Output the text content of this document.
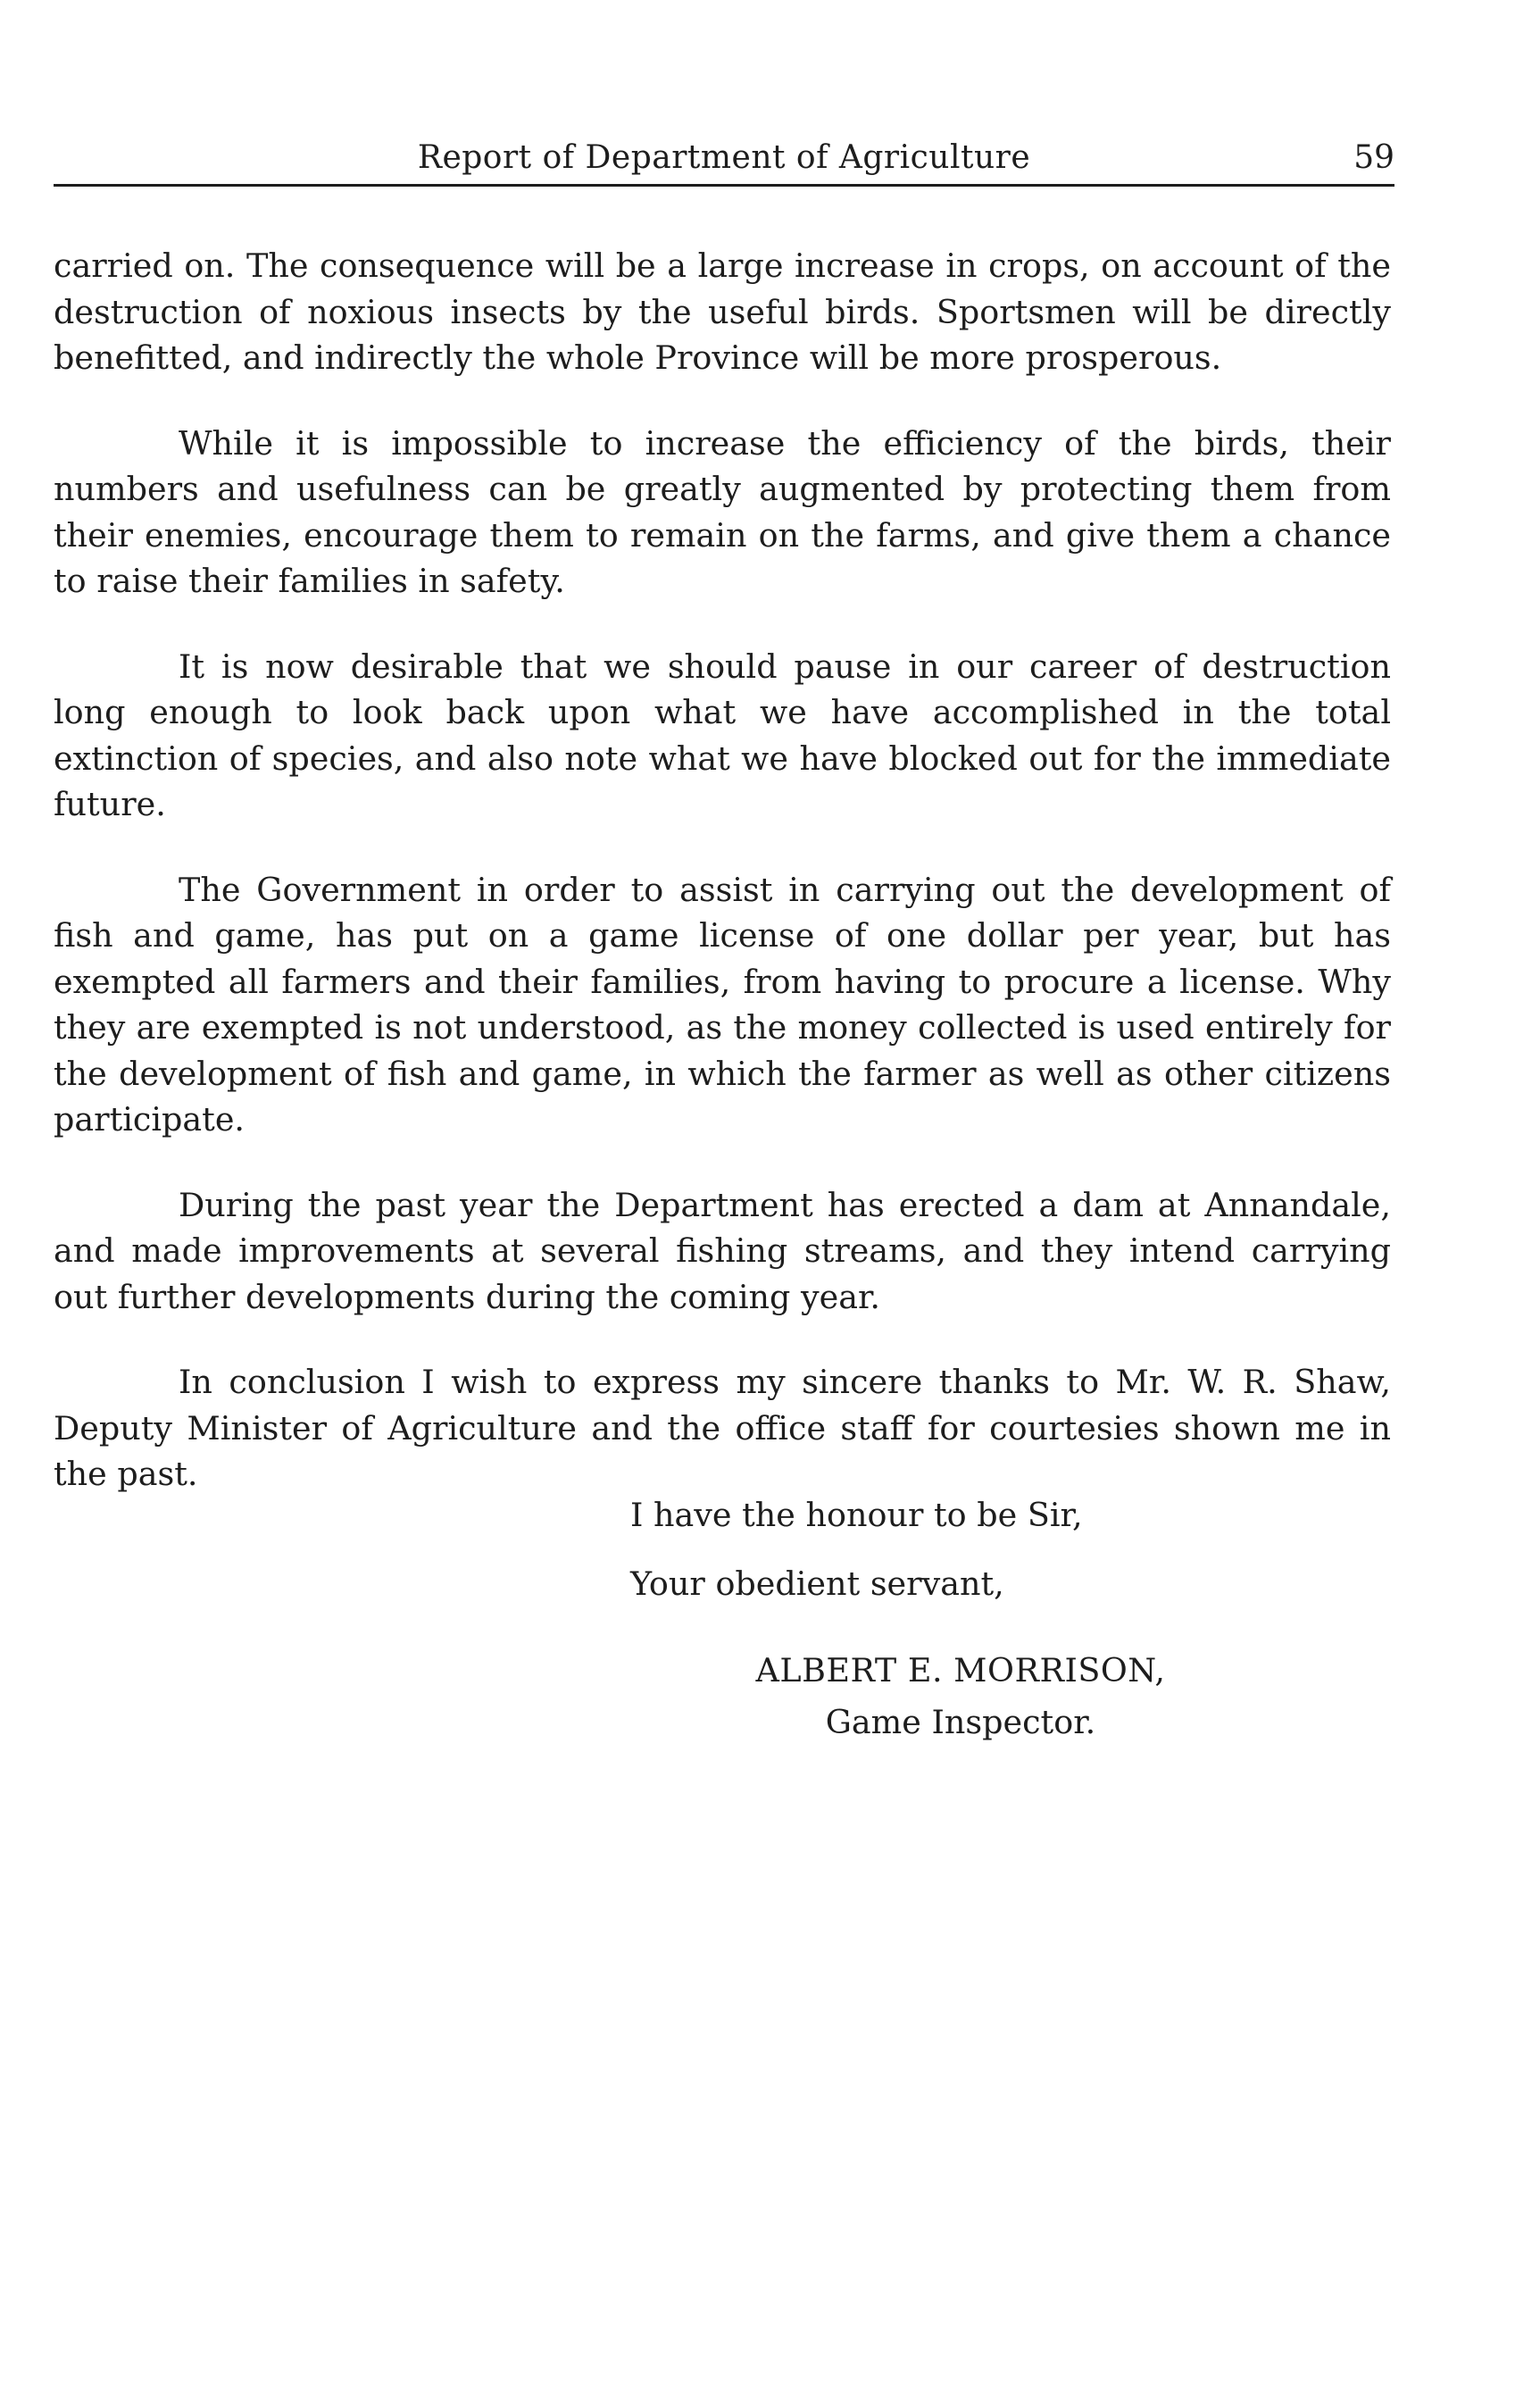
Report of Department of Agriculture	59

carried on. The consequence will be a large increase in crops, on account of the destruction of noxious insects by the useful birds. Sportsmen will be directly benefitted, and indirectly the whole Province will be more prosperous.

While it is impossible to increase the efficiency of the birds, their numbers and usefulness can be greatly augmented by protecting them from their enemies, encourage them to remain on the farms, and give them a chance to raise their families in safety.

It is now desirable that we should pause in our career of destruction long enough to look back upon what we have accomplished in the total extinction of species, and also note what we have blocked out for the immediate future.

The Government in order to assist in carrying out the development of fish and game, has put on a game license of one dollar per year, but has exempted all farmers and their families, from having to procure a license. Why they are exempted is not understood, as the money collected is used entirely for the development of fish and game, in which the farmer as well as other citizens participate.

During the past year the Department has erected a dam at Annandale, and made improvements at several fishing streams, and they intend carrying out further developments during the coming year.

In conclusion I wish to express my sincere thanks to Mr. W. R. Shaw, Deputy Minister of Agriculture and the office staff for courtesies shown me in the past.

I have the honour to be Sir,

Your obedient servant,

ALBERT E. MORRISON,

Game Inspector.
